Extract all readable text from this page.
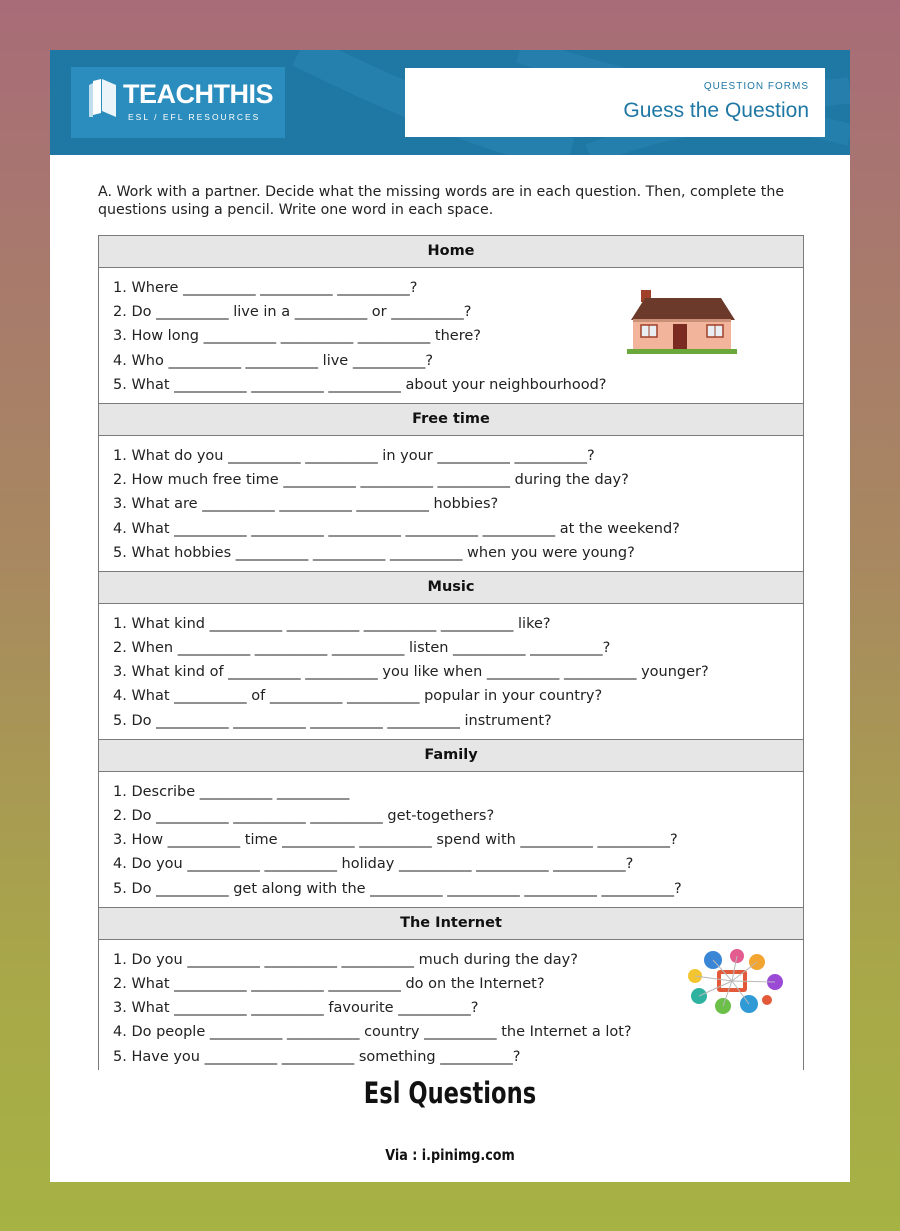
TEACHTHIS
ESL / EFL RESOURCES
QUESTION FORMS
Guess the Question
A. Work with a partner. Decide what the missing words are in each question. Then, complete the questions using a pencil. Write one word in each space.
Home
1. Where __________ __________ __________?
2. Do __________ live in a __________ or __________?
3. How long __________ __________ __________ there?
4. Who __________ __________ live __________?
5. What __________ __________ __________ about your neighbourhood?
Free time
1. What do you __________ __________ in your __________ __________?
2. How much free time __________ __________ __________ during the day?
3. What are __________ __________ __________ hobbies?
4. What __________ __________ __________ __________ __________ at the weekend?
5. What hobbies __________ __________ __________ when you were young?
Music
1. What kind __________ __________ __________ __________ like?
2. When __________ __________ __________ listen __________ __________?
3. What kind of __________ __________ you like when __________ __________ younger?
4. What __________ of __________ __________ popular in your country?
5. Do __________ __________ __________ __________ instrument?
Family
1. Describe __________ __________
2. Do __________ __________ __________ get-togethers?
3. How __________ time __________ __________ spend with __________ __________?
4. Do you __________ __________ holiday __________ __________ __________?
5. Do __________ get along with the __________ __________ __________ __________?
The Internet
1. Do you __________ __________ __________ much during the day?
2. What __________ __________ __________ do on the Internet?
3. What __________ __________ favourite __________?
4. Do people __________ __________ country __________ the Internet a lot?
5. Have you __________ __________ something __________?
Esl Questions
Via : i.pinimg.com
